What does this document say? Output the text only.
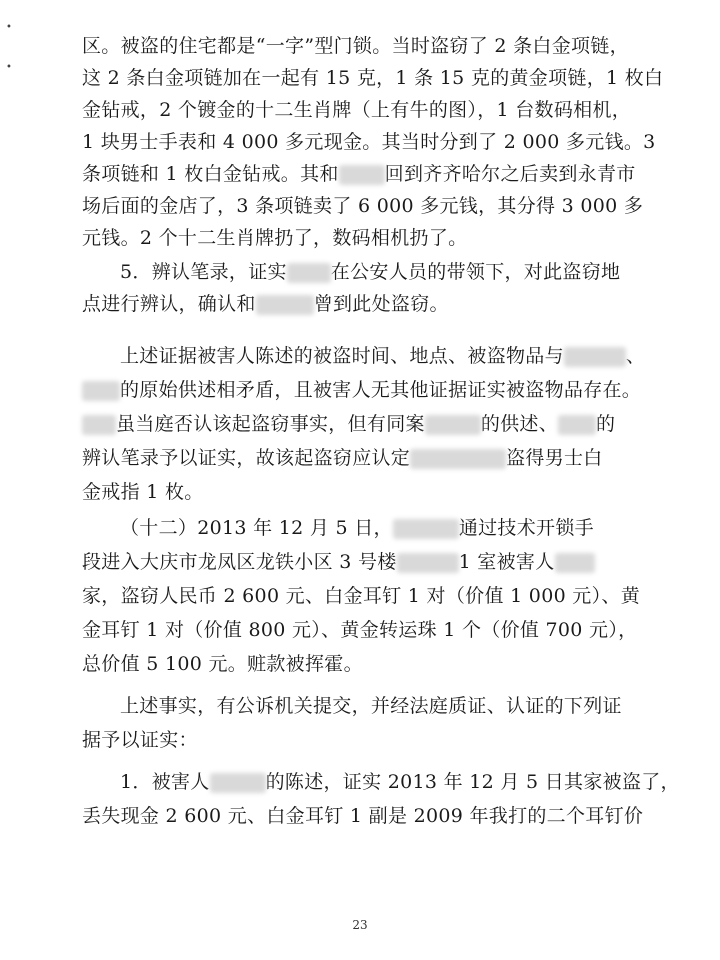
•
•
区。被盗的住宅都是“一字”型门锁。当时盗窃了 2 条白金项链，
这 2 条白金项链加在一起有 15 克，1 条 15 克的黄金项链，1 枚白
金钻戒，2 个镀金的十二生肖牌（上有牛的图），1 台数码相机，
1 块男士手表和 4 000 多元现金。其当时分到了 2 000 多元钱。3
条项链和 1 枚白金钻戒。其和 回到齐齐哈尔之后卖到永青市
场后面的金店了，3 条项链卖了 6 000 多元钱，其分得 3 000 多
元钱。2 个十二生肖牌扔了，数码相机扔了。
5．辨认笔录，证实 在公安人员的带领下，对此盗窃地
点进行辨认，确认和	曾到此处盗窃。
上述证据被害人陈述的被盗时间、地点、被盗物品与	、
的原始供述相矛盾，且被害人无其他证据证实被盗物品存在。
虽当庭否认该起盗窃事实，但有同案	的供述、 的
辨认笔录予以证实，故该起盗窃应认定	盗得男士白
金戒指 1 枚。
（十二）2013 年 12 月 5 日，	通过技术开锁手
段进入大庆市龙凤区龙铁小区 3 号楼	1 室被害人
家，盗窃人民币 2 600 元、白金耳钉 1 对（价值 1 000 元）、黄
金耳钉 1 对（价值 800 元）、黄金转运珠 1 个（价值 700 元），
总价值 5 100 元。赃款被挥霍。
上述事实，有公诉机关提交，并经法庭质证、认证的下列证
据予以证实：
1．被害人	的陈述，证实 2013 年 12 月 5 日其家被盗了，
丢失现金 2 600 元、白金耳钉 1 副是 2009 年我打的二个耳钉价
23
